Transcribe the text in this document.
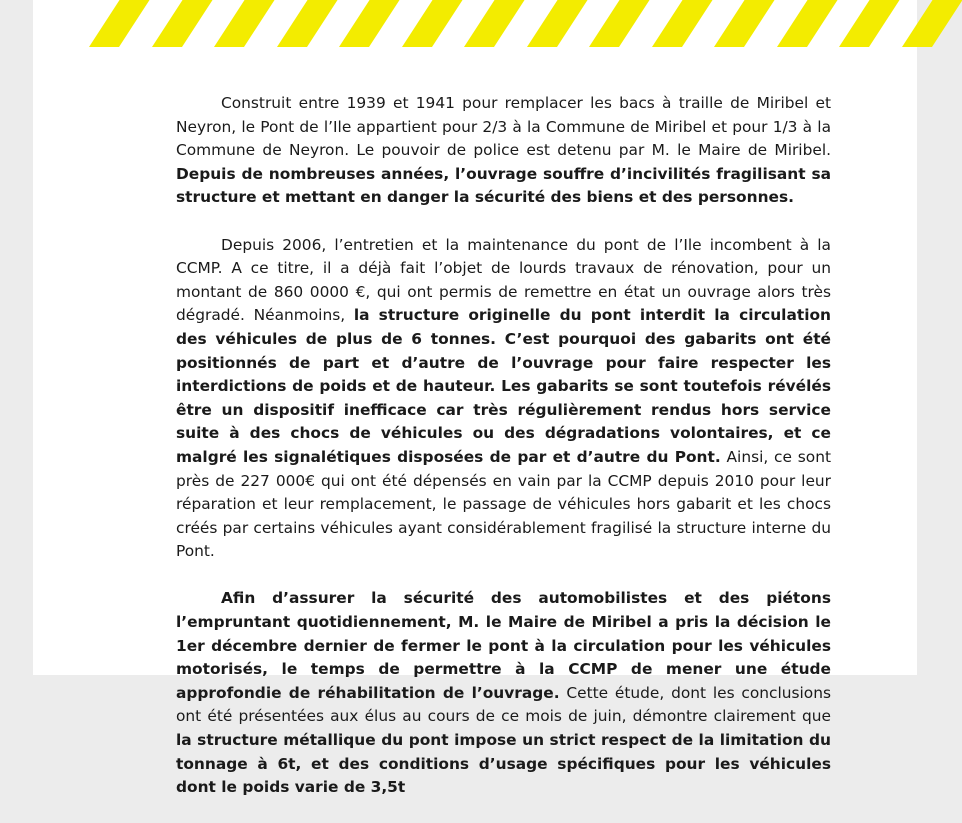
Construit entre 1939 et 1941 pour remplacer les bacs à traille de Miribel et Neyron, le Pont de l’Ile appartient pour 2/3 à la Commune de Miribel et pour 1/3 à la Commune de Neyron. Le pouvoir de police est detenu par M. le Maire de Miribel. Depuis de nombreuses années, l’ouvrage souffre d’incivilités fragilisant sa structure et mettant en danger la sécurité des biens et des personnes.

Depuis 2006, l’entretien et la maintenance du pont de l’Ile incombent à la CCMP. A ce titre, il a déjà fait l’objet de lourds travaux de rénovation, pour un montant de 860 0000 €, qui ont permis de remettre en état un ouvrage alors très dégradé. Néanmoins, la structure originelle du pont interdit la circulation des véhicules de plus de 6 tonnes. C’est pourquoi des gabarits ont été positionnés de part et d’autre de l’ouvrage pour faire respecter les interdictions de poids et de hauteur. Les gabarits se sont toutefois révélés être un dispositif inefficace car très régulièrement rendus hors service suite à des chocs de véhicules ou des dégradations volontaires, et ce malgré les signalétiques disposées de par et d’autre du Pont. Ainsi, ce sont près de 227 000€ qui ont été dépensés en vain par la CCMP depuis 2010 pour leur réparation et leur remplacement, le passage de véhicules hors gabarit et les chocs créés par certains véhicules ayant considérablement fragilisé la structure interne du Pont.

Afin d’assurer la sécurité des automobilistes et des piétons l’empruntant quotidiennement, M. le Maire de Miribel a pris la décision le 1er décembre dernier de fermer le pont à la circulation pour les véhicules motorisés, le temps de permettre à la CCMP de mener une étude approfondie de réhabilitation de l’ouvrage. Cette étude, dont les conclusions ont été présentées aux élus au cours de ce mois de juin, démontre clairement que la structure métallique du pont impose un strict respect de la limitation du tonnage à 6t, et des conditions d’usage spécifiques pour les véhicules dont le poids varie de 3,5t
